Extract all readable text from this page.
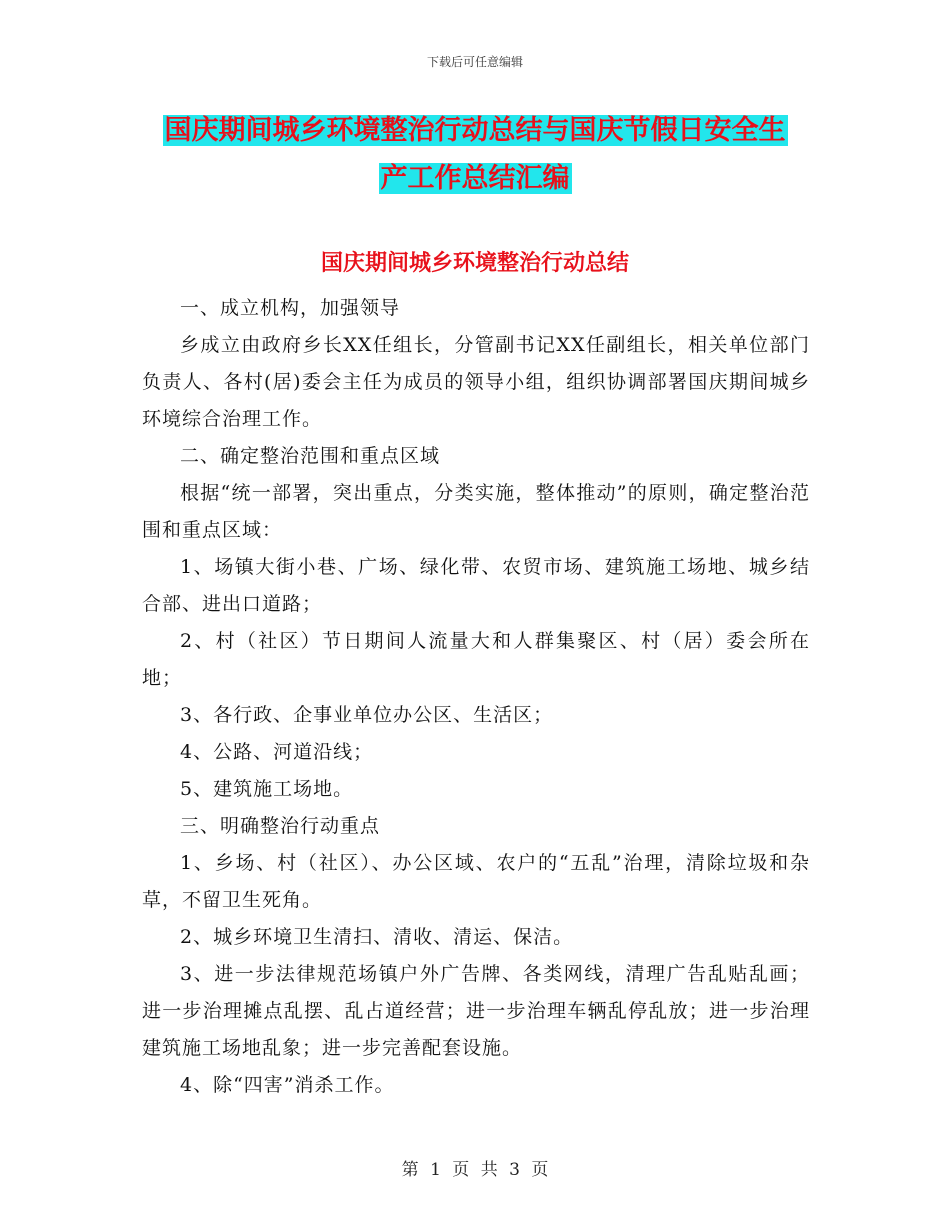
下载后可任意编辑
国庆期间城乡环境整治行动总结与国庆节假日安全生
产工作总结汇编
国庆期间城乡环境整治行动总结

一、成立机构，加强领导

乡成立由政府乡长XX任组长，分管副书记XX任副组长，相关单位部门负责人、各村(居)委会主任为成员的领导小组，组织协调部署国庆期间城乡环境综合治理工作。

二、确定整治范围和重点区域

根据“统一部署，突出重点，分类实施，整体推动”的原则，确定整治范围和重点区域：

1、场镇大街小巷、广场、绿化带、农贸市场、建筑施工场地、城乡结合部、进出口道路；

2、村（社区）节日期间人流量大和人群集聚区、村（居）委会所在地；

3、各行政、企事业单位办公区、生活区；

4、公路、河道沿线；

5、建筑施工场地。

三、明确整治行动重点

1、乡场、村（社区）、办公区域、农户的“五乱”治理，清除垃圾和杂草，不留卫生死角。

2、城乡环境卫生清扫、清收、清运、保洁。

3、进一步法律规范场镇户外广告牌、各类网线，清理广告乱贴乱画；进一步治理摊点乱摆、乱占道经营；进一步治理车辆乱停乱放；进一步治理建筑施工场地乱象；进一步完善配套设施。

4、除“四害”消杀工作。

第 1 页 共 3 页
